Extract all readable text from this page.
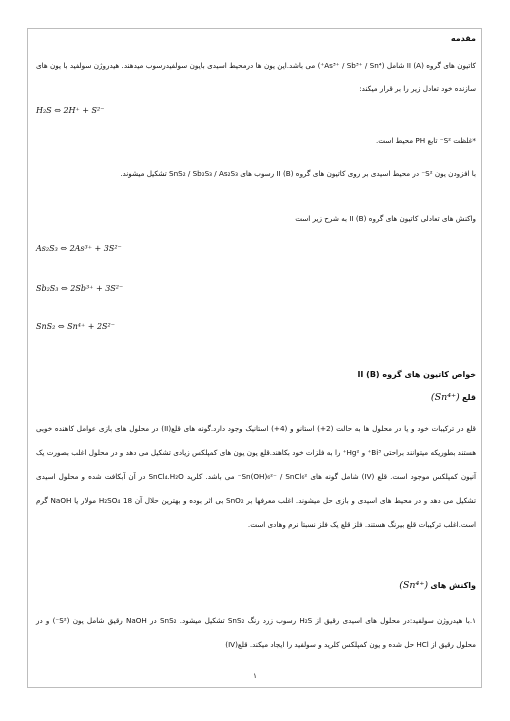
مقدمه
کاتیون های گروه II (A) شامل (As³⁺ / Sb³⁺ / Sn⁴⁺) می باشد.این یون ها درمحیط اسیدی بایون سولفیدرسوب میدهند. هیدروژن سولفید با یون های سازنده خود تعادل زیر را بر قرار میکند:
H₂S ⇔ 2H⁺ + S²⁻
*غلظت S²⁻ تابع PH محیط است.
با افزودن یون S²⁻ در محیط اسیدی بر روی کاتیون های گروه II (B) رسوب های SnS₂ / Sb₂S₃ / As₂S₃ تشکیل میشوند.
واکنش های تعادلی کاتیون های گروه II (B) به شرح زیر است
As₂S₃ ⇔ 2As³⁺ + 3S²⁻
Sb₂S₃ ⇔ 2Sb³⁺ + 3S²⁻
SnS₂ ⇔ Sn⁴⁺ + 2S²⁻
خواص کاتیون های گروه II (B)
قلع (Sn⁴⁺)
قلع در ترکیبات خود و یا در محلول ها به حالت (2+) استانو و (4+) استانیک وجود دارد.گونه های قلع(II) در محلول های بازی عوامل کاهنده خوبی هستند بطوریکه میتوانند براحتی Bi³⁺ و Hg²⁺ را به فلزات خود بکاهند.قلع یون یون های کمپلکس زیادی تشکیل می دهد و در محلول اغلب بصورت یک آنیون کمپلکس موجود است. قلع (IV) شامل گونه های Sn(OH)₆²⁻ / SnCl₆²⁻ می باشد. کلرید SnCl₄.H₂O در آن آبکافت شده و محلول اسیدی تشکیل می دهد و در محیط های اسیدی و بازی حل میشوند. اغلب معرفها بر SnO₂ بی اثر بوده و بهترین حلال آن 18 H₂SO₄ مولار یا NaOH گرم است.اغلب ترکیبات قلع بیرنگ هستند. فلز قلع یک فلز نسبتا نرم وهادی است.
واکنش های (Sn⁴⁺)
۱.با هیدروژن سولفید:در محلول های اسیدی رقیق از H₂S رسوب زرد رنگ SnS₂ تشکیل میشود. SnS₂ در NaOH رقیق شامل یون (S²⁻) و در محلول رقیق از HCl حل شده و یون کمپلکس کلرید و سولفید را ایجاد میکند. قلع(IV)
۱
